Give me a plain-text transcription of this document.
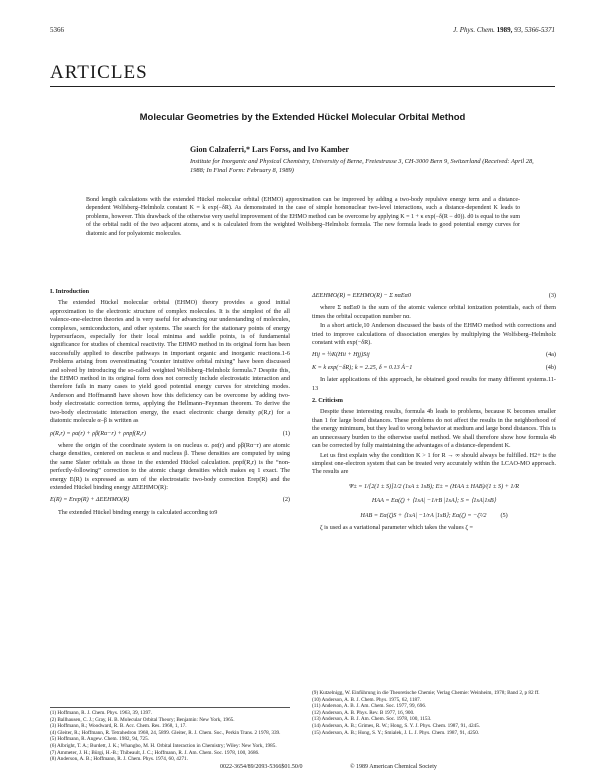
5366	J. Phys. Chem. 1989, 93, 5366-5371
ARTICLES
Molecular Geometries by the Extended Hückel Molecular Orbital Method
Gion Calzaferri,* Lars Forss, and Ivo Kamber
Institute for Inorganic and Physical Chemistry, University of Berne, Freiestrasse 3, CH-3000 Bern 9, Switzerland (Received: April 28, 1988; In Final Form: February 8, 1989)
Bond length calculations with the extended Hückel molecular orbital (EHMO) approximation can be improved by adding a two-body repulsive energy term and a distance-dependent Wolfsberg–Helmholz constant K = k exp(−δR). As demonstrated in the case of simple homonuclear two-level interactions, such a distance-dependent K leads to problems, however. This drawback of the otherwise very useful improvement of the EHMO method can be overcome by applying K = 1 + κ exp(−δ(R − d0)). d0 is equal to the sum of the orbital radii of the two adjacent atoms, and κ is calculated from the weighted Wolfsberg–Helmholz formula. The new formula leads to good potential energy curves for diatomic and for polyatomic molecules.
I. Introduction

The extended Hückel molecular orbital (EHMO) theory provides a good initial approximation to the electronic structure of complex molecules. It is the simplest of the all valence-one-electron theories and is very useful for advancing our understanding of molecules, complexes, semiconductors, and other systems. The search for the stationary points of energy hypersurfaces, especially for their local minima and saddle points, is of fundamental significance for studies of chemical reactivity. The EHMO method in its original form has been successfully applied to describe pathways in important organic and inorganic reactions.1-6 Problems arising from overestimating “counter intuitive orbital mixing” have been discussed and solved by introducing the so-called weighted Wolfsberg–Helmholz formula.7 Despite this, the EHMO method in its original form does not correctly include electrostatic interaction and therefore fails in many cases to yield good potential energy curves for stretching modes. Anderson and Hoffmann8 have shown how this deficiency can be overcome by adding two-body electrostatic correction terms, applying the Hellmann–Feynman theorem. To derive the two-body electrostatic interaction energy, the exact electronic charge density ρ(R,r) for a diatomic molecule α–β is written as

ρ(R,r) = ρα(r) + ρβ(Rα−r) + ρnpf(R,r)	(1)

where the origin of the coordinate system is on nucleus α. ρα(r) and ρβ(Rα−r) are atomic charge densities, centered on nucleus α and nucleus β. These densities are computed by using the same Slater orbitals as those in the extended Hückel calculation. ρnpf(R,r) is the “non-perfectly-following” correction to the atomic charge densities which makes eq 1 exact. The energy E(R) is expressed as sum of the electrostatic two-body correction Erep(R) and the extended Hückel binding energy ΔEEHMO(R):

E(R) = Erep(R) + ΔEEHMO(R)	(2)

The extended Hückel binding energy is calculated according to9

ΔEEHMO(R) = EEHMO(R) − Σ nαEα0	(3)

where Σ nαEα0 is the sum of the atomic valence orbital ionization potentials, each of them times the orbital occupation number nα.

In a short article,10 Anderson discussed the basis of the EHMO method with corrections and tried to improve calculations of dissociation energies by multiplying the Wolfsberg–Helmholz constant with exp(−δR).

Hij = ½K(Hii + Hjj)Sij	(4a)
K = k exp(−δR); k = 2.25, δ = 0.13 Å−1	(4b)

In later applications of this approach, he obtained good results for many different systems.11-13

2. Criticism

Despite these interesting results, formula 4b leads to problems, because K becomes smaller than 1 for large bond distances. These problems do not affect the results in the neighborhood of the energy minimum, but they lead to wrong behavior at medium and large bond distances. This is an unnecessary burden to the otherwise useful method. We shall therefore show how formula 4b can be corrected by fully maintaining the advantages of a distance-dependent K.

Let us first explain why the condition K > 1 for R → ∞ should always be fulfilled. H2+ is the simplest one-electron system that can be treated very accurately within the LCAO-MO approach. The results are

Ψ± = 1/[2(1 ± S)]1/2 (1sA ± 1sB); E± = (HAA ± HAB)/(1 ± S) + 1/R
HAA = Eα(ζ) + ⟨1sA| −1/rB |1sA⟩; S = ⟨1sA|1sB⟩
HAB = Eα(ζ)S + ⟨1sA| −1/rA |1sB⟩; Eα(ζ) = −ζ²/2 (5)

ζ is used as a variational parameter which takes the values ζ =

(1) Hoffmann, R. J. Chem. Phys. 1963, 39, 1397.
(2) Ballhausen, C. J.; Gray, H. B. Molecular Orbital Theory; Benjamin: New York, 1965.
(3) Hoffmann, R.; Woodward, R. B. Acc. Chem. Res. 1968, 1, 17.
(4) Gleiter, R.; Hoffmann, R. Tetrahedron 1968, 24, 5899. Gleiter, R. J. Chem. Soc., Perkin Trans. 2 1978, 339.
(5) Hoffmann, R. Angew. Chem. 1982, 94, 725.
(6) Albright, T. A.; Burdett, J. K.; Whangbo, M. H. Orbital Interaction in Chemistry; Wiley: New York, 1985.
(7) Ammeter, J. H.; Bürgi, H.-B.; Thibeault, J. C.; Hoffmann, R. J. Am. Chem. Soc. 1978, 100, 3686.
(8) Anderson, A. B.; Hoffmann, R. J. Chem. Phys. 1974, 60, 4271.
(9) Kutzelnigg, W. Einführung in die Theoretische Chemie; Verlag Chemie: Weinheim, 1978; Band 2, p 82 ff.
(10) Anderson, A. B. J. Chem. Phys. 1975, 62, 1187.
(11) Anderson, A. B. J. Am. Chem. Soc. 1977, 99, 696.
(12) Anderson, A. B. Phys. Rev. B 1977, 16, 900.
(13) Anderson, A. B. J. Am. Chem. Soc. 1978, 100, 1153.
(14) Anderson, A. B.; Grimes, R. W.; Hong, S. Y. J. Phys. Chem. 1987, 91, 4245.
(15) Anderson, A. B.; Hong, S. Y.; Smialek, J. L. J. Phys. Chem. 1987, 91, 4250.
0022-3654/89/2093-5366$01.50/0	© 1989 American Chemical Society
